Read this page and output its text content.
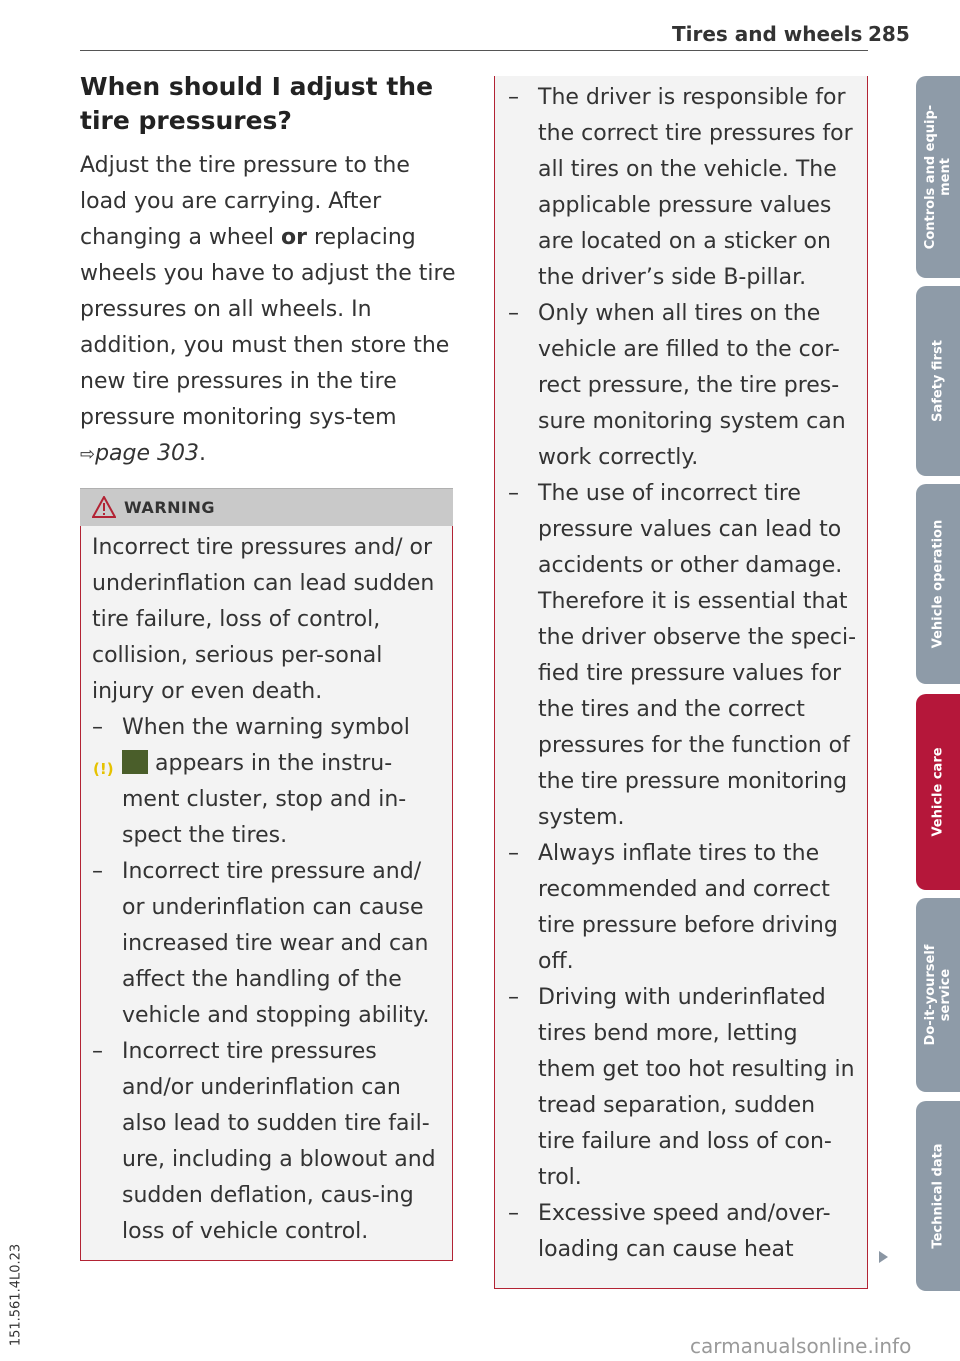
Tires and wheels 285
When should I adjust the
tire pressures?

Adjust the tire pressure to the load you are carrying. After changing a wheel or replacing wheels you have to adjust the tire pressures on all wheels. In addition, you must then store the new tire pressures in the tire pressure monitoring sys-tem ⇨page 303.

WARNING

Incorrect tire pressures and/ or underinflation can lead sudden tire failure, loss of control, collision, serious per-sonal injury or even death.

– When the warning symbol (!) appears in the instru-ment cluster, stop and in-spect the tires.

– Incorrect tire pressure and/ or underinflation can cause increased tire wear and can affect the handling of the vehicle and stopping ability.

– Incorrect tire pressures and/or underinflation can also lead to sudden tire fail-ure, including a blowout and sudden deflation, caus-ing loss of vehicle control.

– The driver is responsible for the correct tire pressures for all tires on the vehicle. The applicable pressure values are located on a sticker on the driver’s side B-pillar.

– Only when all tires on the vehicle are filled to the cor-rect pressure, the tire pres-sure monitoring system can work correctly.

– The use of incorrect tire pressure values can lead to accidents or other damage. Therefore it is essential that the driver observe the speci-fied tire pressure values for the tires and the correct pressures for the function of the tire pressure monitoring system.

– Always inflate tires to the recommended and correct tire pressure before driving off.

– Driving with underinflated tires bend more, letting them get too hot resulting in tread separation, sudden tire failure and loss of con-trol.

– Excessive speed and/over-loading can cause heat

Controls and equip-
ment
Safety first
Vehicle operation
Vehicle care
Do-it-yourself
service
Technical data
151.561.4L0.23	carmanualsonline.info
